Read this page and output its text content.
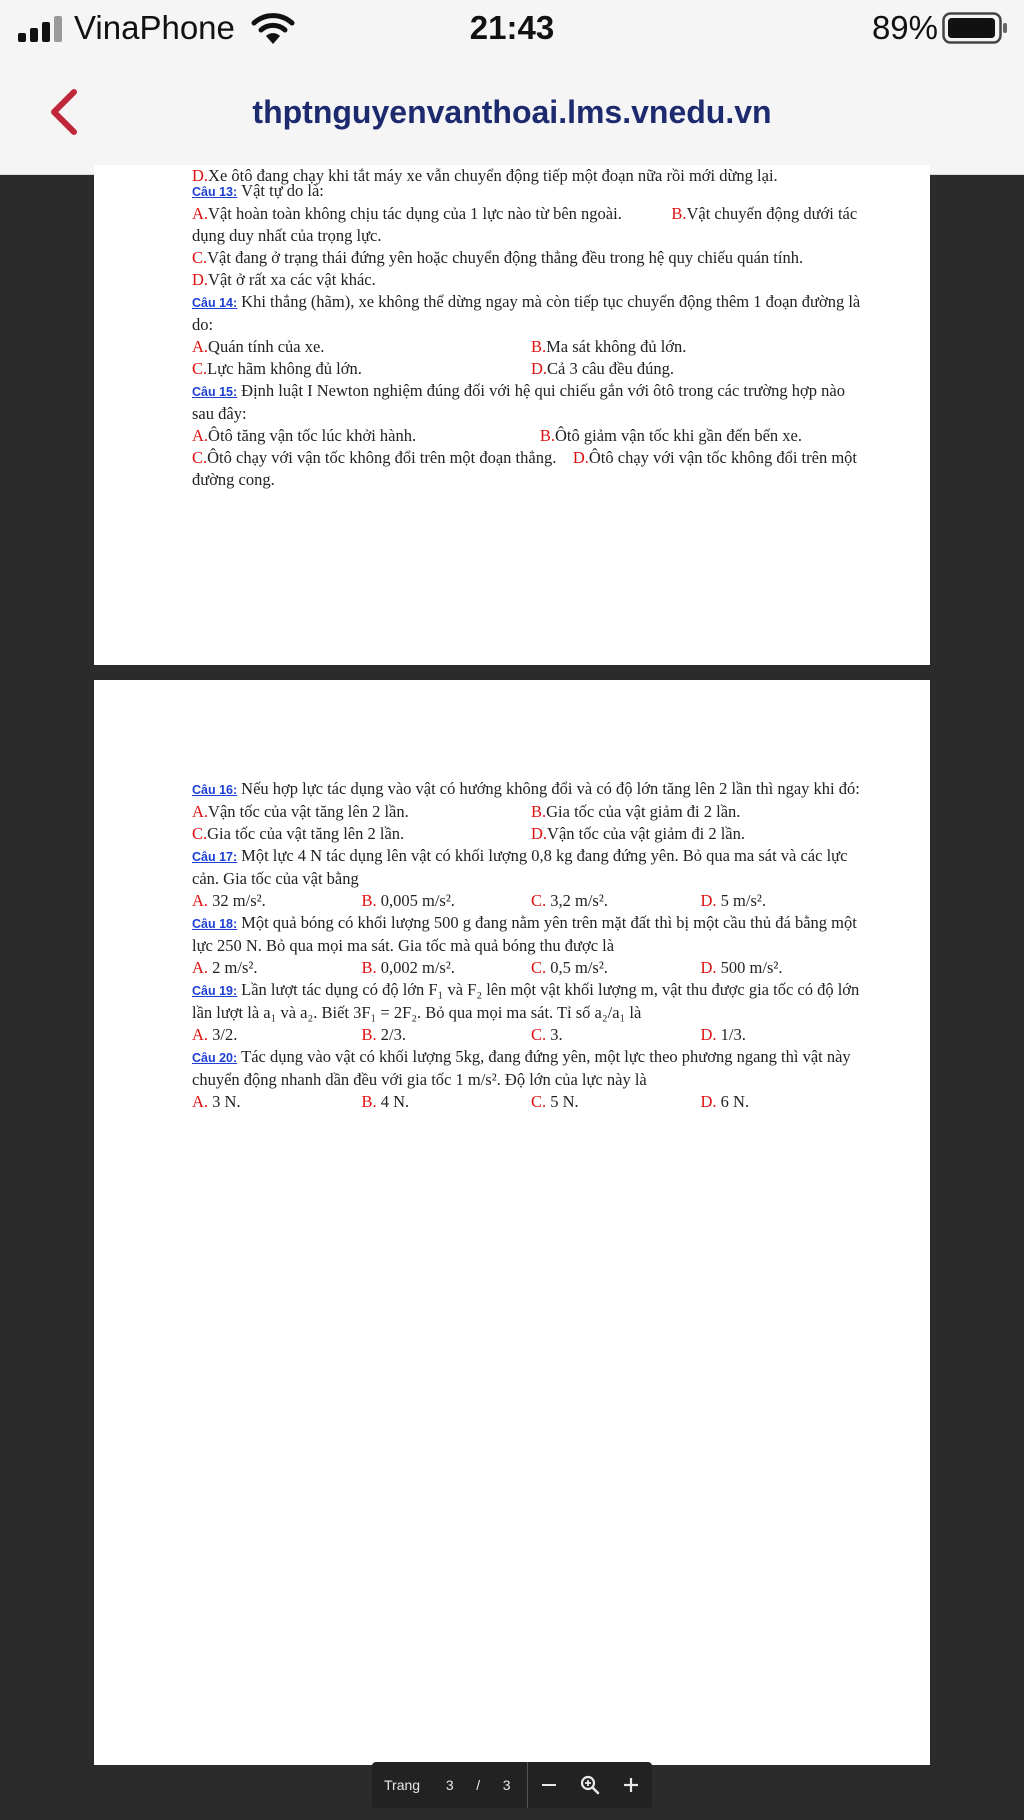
VinaPhone	21:43	89%
thptnguyenvanthoai.lms.vnedu.vn

D.Xe ôtô đang chạy khi tắt máy xe vẫn chuyển động tiếp một đoạn nữa rồi mới dừng lại.

Câu 13: Vật tự do là:

A.Vật hoàn toàn không chịu tác dụng của 1 lực nào từ bên ngoài.	B.Vật chuyển động dưới tác dụng duy nhất của trọng lực.

C.Vật đang ở trạng thái đứng yên hoặc chuyển động thẳng đều trong hệ quy chiếu quán tính.

D.Vật ở rất xa các vật khác.

Câu 14: Khi thắng (hãm), xe không thể dừng ngay mà còn tiếp tục chuyển động thêm 1 đoạn đường là do:

A.Quán tính của xe.	B.Ma sát không đủ lớn.
C.Lực hãm không đủ lớn.	D.Cả 3 câu đều đúng.

Câu 15: Định luật I Newton nghiệm đúng đối với hệ qui chiếu gắn với ôtô trong các trường hợp nào sau đây:

A.Ôtô tăng vận tốc lúc khởi hành.	B.Ôtô giảm vận tốc khi gần đến bến xe.

C.Ôtô chạy với vận tốc không đổi trên một đoạn thẳng. D.Ôtô chạy với vận tốc không đổi trên một đường cong.

Câu 16: Nếu hợp lực tác dụng vào vật có hướng không đổi và có độ lớn tăng lên 2 lần thì ngay khi đó:

A.Vận tốc của vật tăng lên 2 lần.	B.Gia tốc của vật giảm đi 2 lần.
C.Gia tốc của vật tăng lên 2 lần.	D.Vận tốc của vật giảm đi 2 lần.

Câu 17: Một lực 4 N tác dụng lên vật có khối lượng 0,8 kg đang đứng yên. Bỏ qua ma sát và các lực cản. Gia tốc của vật bằng

A. 32 m/s².	B. 0,005 m/s².	C. 3,2 m/s².	D. 5 m/s².

Câu 18: Một quả bóng có khối lượng 500 g đang nằm yên trên mặt đất thì bị một cầu thủ đá bằng một lực 250 N. Bỏ qua mọi ma sát. Gia tốc mà quả bóng thu được là

A. 2 m/s².	B. 0,002 m/s².	C. 0,5 m/s².	D. 500 m/s².

Câu 19: Lần lượt tác dụng có độ lớn F₁ và F₂ lên một vật khối lượng m, vật thu được gia tốc có độ lớn lần lượt là a₁ và a₂. Biết 3F₁ = 2F₂. Bỏ qua mọi ma sát. Tỉ số a₂/a₁ là

A. 3/2.	B. 2/3.	C. 3.	D. 1/3.

Câu 20: Tác dụng vào vật có khối lượng 5kg, đang đứng yên, một lực theo phương ngang thì vật này chuyển động nhanh dần đều với gia tốc 1 m/s². Độ lớn của lực này là

A. 3 N.	B. 4 N.	C. 5 N.	D. 6 N.
Trang	3	/	3
